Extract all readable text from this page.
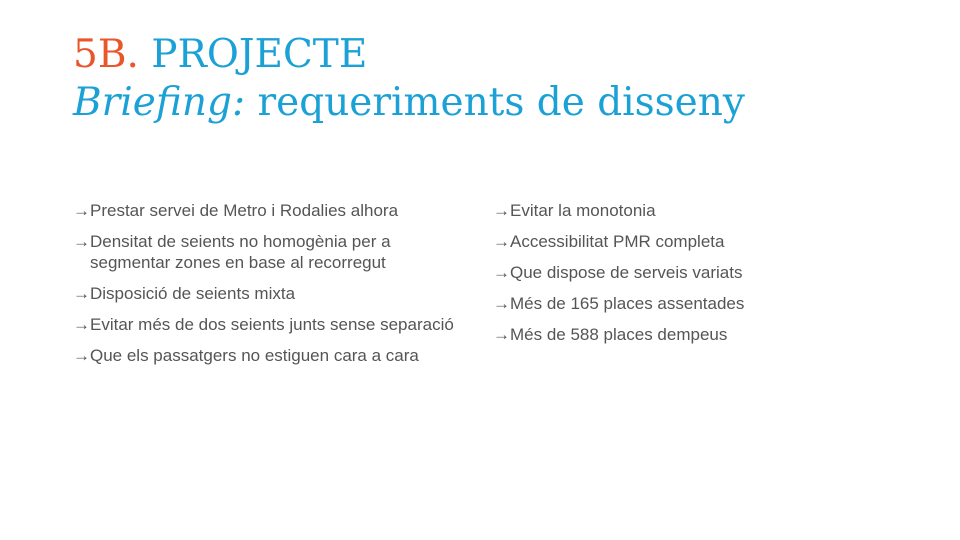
5B. PROJECTE
Briefing: requeriments de disseny
→ Prestar servei de Metro i Rodalies alhora
→ Densitat de seients no homogènia per a segmentar zones en base al recorregut
→ Disposició de seients mixta
→ Evitar més de dos seients junts sense separació
→ Que els passatgers no estiguen cara a cara
→ Evitar la monotonia
→ Accessibilitat PMR completa
→ Que dispose de serveis variats
→ Més de 165 places assentades
→ Més de 588 places dempeus
